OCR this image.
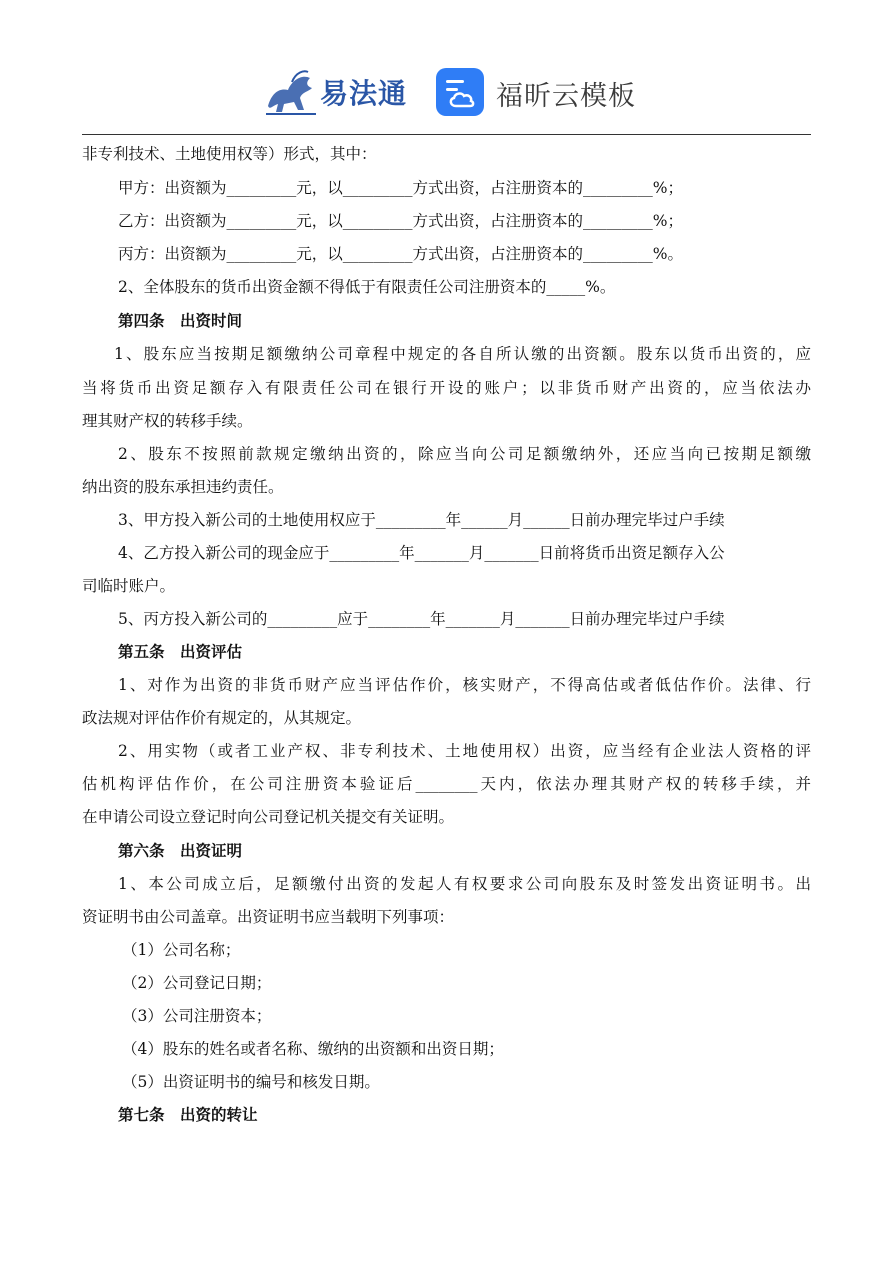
易法通	福昕云模板
非专利技术、土地使用权等）形式，其中：
甲方：出资额为_________元，以_________方式出资，占注册资本的_________%；
乙方：出资额为_________元，以_________方式出资，占注册资本的_________%；
丙方：出资额为_________元，以_________方式出资，占注册资本的_________%。
2、全体股东的货币出资金额不得低于有限责任公司注册资本的_____%。
第四条　出资时间
1、股东应当按期足额缴纳公司章程中规定的各自所认缴的出资额。股东以货币出资的，应
当将货币出资足额存入有限责任公司在银行开设的账户；以非货币财产出资的，应当依法办
理其财产权的转移手续。
2、股东不按照前款规定缴纳出资的，除应当向公司足额缴纳外，还应当向已按期足额缴
纳出资的股东承担违约责任。
3、甲方投入新公司的土地使用权应于_________年______月______日前办理完毕过户手续
4、乙方投入新公司的现金应于_________年_______月_______日前将货币出资足额存入公
司临时账户。
5、丙方投入新公司的_________应于________年_______月_______日前办理完毕过户手续
第五条　出资评估
1、对作为出资的非货币财产应当评估作价，核实财产，不得高估或者低估作价。法律、行
政法规对评估作价有规定的，从其规定。
2、用实物（或者工业产权、非专利技术、土地使用权）出资，应当经有企业法人资格的评
估机构评估作价，在公司注册资本验证后________天内，依法办理其财产权的转移手续，并
在申请公司设立登记时向公司登记机关提交有关证明。
第六条　出资证明
1、本公司成立后，足额缴付出资的发起人有权要求公司向股东及时签发出资证明书。出
资证明书由公司盖章。出资证明书应当载明下列事项：
（1）公司名称；
（2）公司登记日期；
（3）公司注册资本；
（4）股东的姓名或者名称、缴纳的出资额和出资日期；
（5）出资证明书的编号和核发日期。
第七条　出资的转让
